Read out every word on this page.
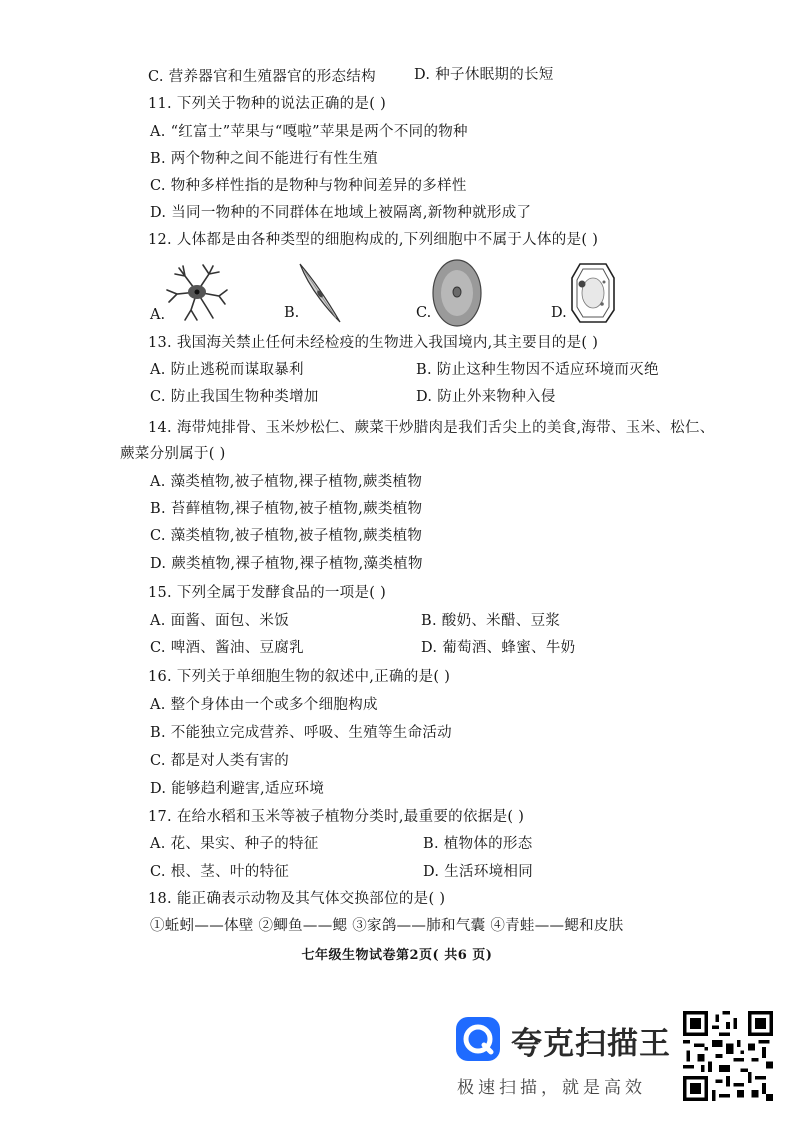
C. 营养器官和生殖器官的形态结构	D. 种子休眠期的长短
11. 下列关于物种的说法正确的是( )
A. “红富士”苹果与“嘎啦”苹果是两个不同的物种
B. 两个物种之间不能进行有性生殖
C. 物种多样性指的是物种与物种间差异的多样性
D. 当同一物种的不同群体在地域上被隔离,新物种就形成了
12. 人体都是由各种类型的细胞构成的,下列细胞中不属于人体的是( )
A.	B.	C.	D.
13. 我国海关禁止任何未经检疫的生物进入我国境内,其主要目的是( )
A. 防止逃税而谋取暴利	B. 防止这种生物因不适应环境而灭绝
C. 防止我国生物种类增加	D. 防止外来物种入侵
14. 海带炖排骨、玉米炒松仁、蕨菜干炒腊肉是我们舌尖上的美食,海带、玉米、松仁、
蕨菜分别属于( )
A. 藻类植物,被子植物,裸子植物,蕨类植物
B. 苔藓植物,裸子植物,被子植物,蕨类植物
C. 藻类植物,被子植物,被子植物,蕨类植物
D. 蕨类植物,裸子植物,裸子植物,藻类植物
15. 下列全属于发酵食品的一项是( )
A. 面酱、面包、米饭	B. 酸奶、米醋、豆浆
C. 啤酒、酱油、豆腐乳	D. 葡萄酒、蜂蜜、牛奶
16. 下列关于单细胞生物的叙述中,正确的是( )
A. 整个身体由一个或多个细胞构成
B. 不能独立完成营养、呼吸、生殖等生命活动
C. 都是对人类有害的
D. 能够趋利避害,适应环境
17. 在给水稻和玉米等被子植物分类时,最重要的依据是( )
A. 花、果实、种子的特征	B. 植物体的形态
C. 根、茎、叶的特征	D. 生活环境相同
18. 能正确表示动物及其气体交换部位的是( )
①蚯蚓——体壁 ②鲫鱼——鳃 ③家鸽——肺和气囊 ④青蛙——鳃和皮肤
七年级生物试卷第2页( 共6 页)
夸克扫描王
极速扫描，就是高效
